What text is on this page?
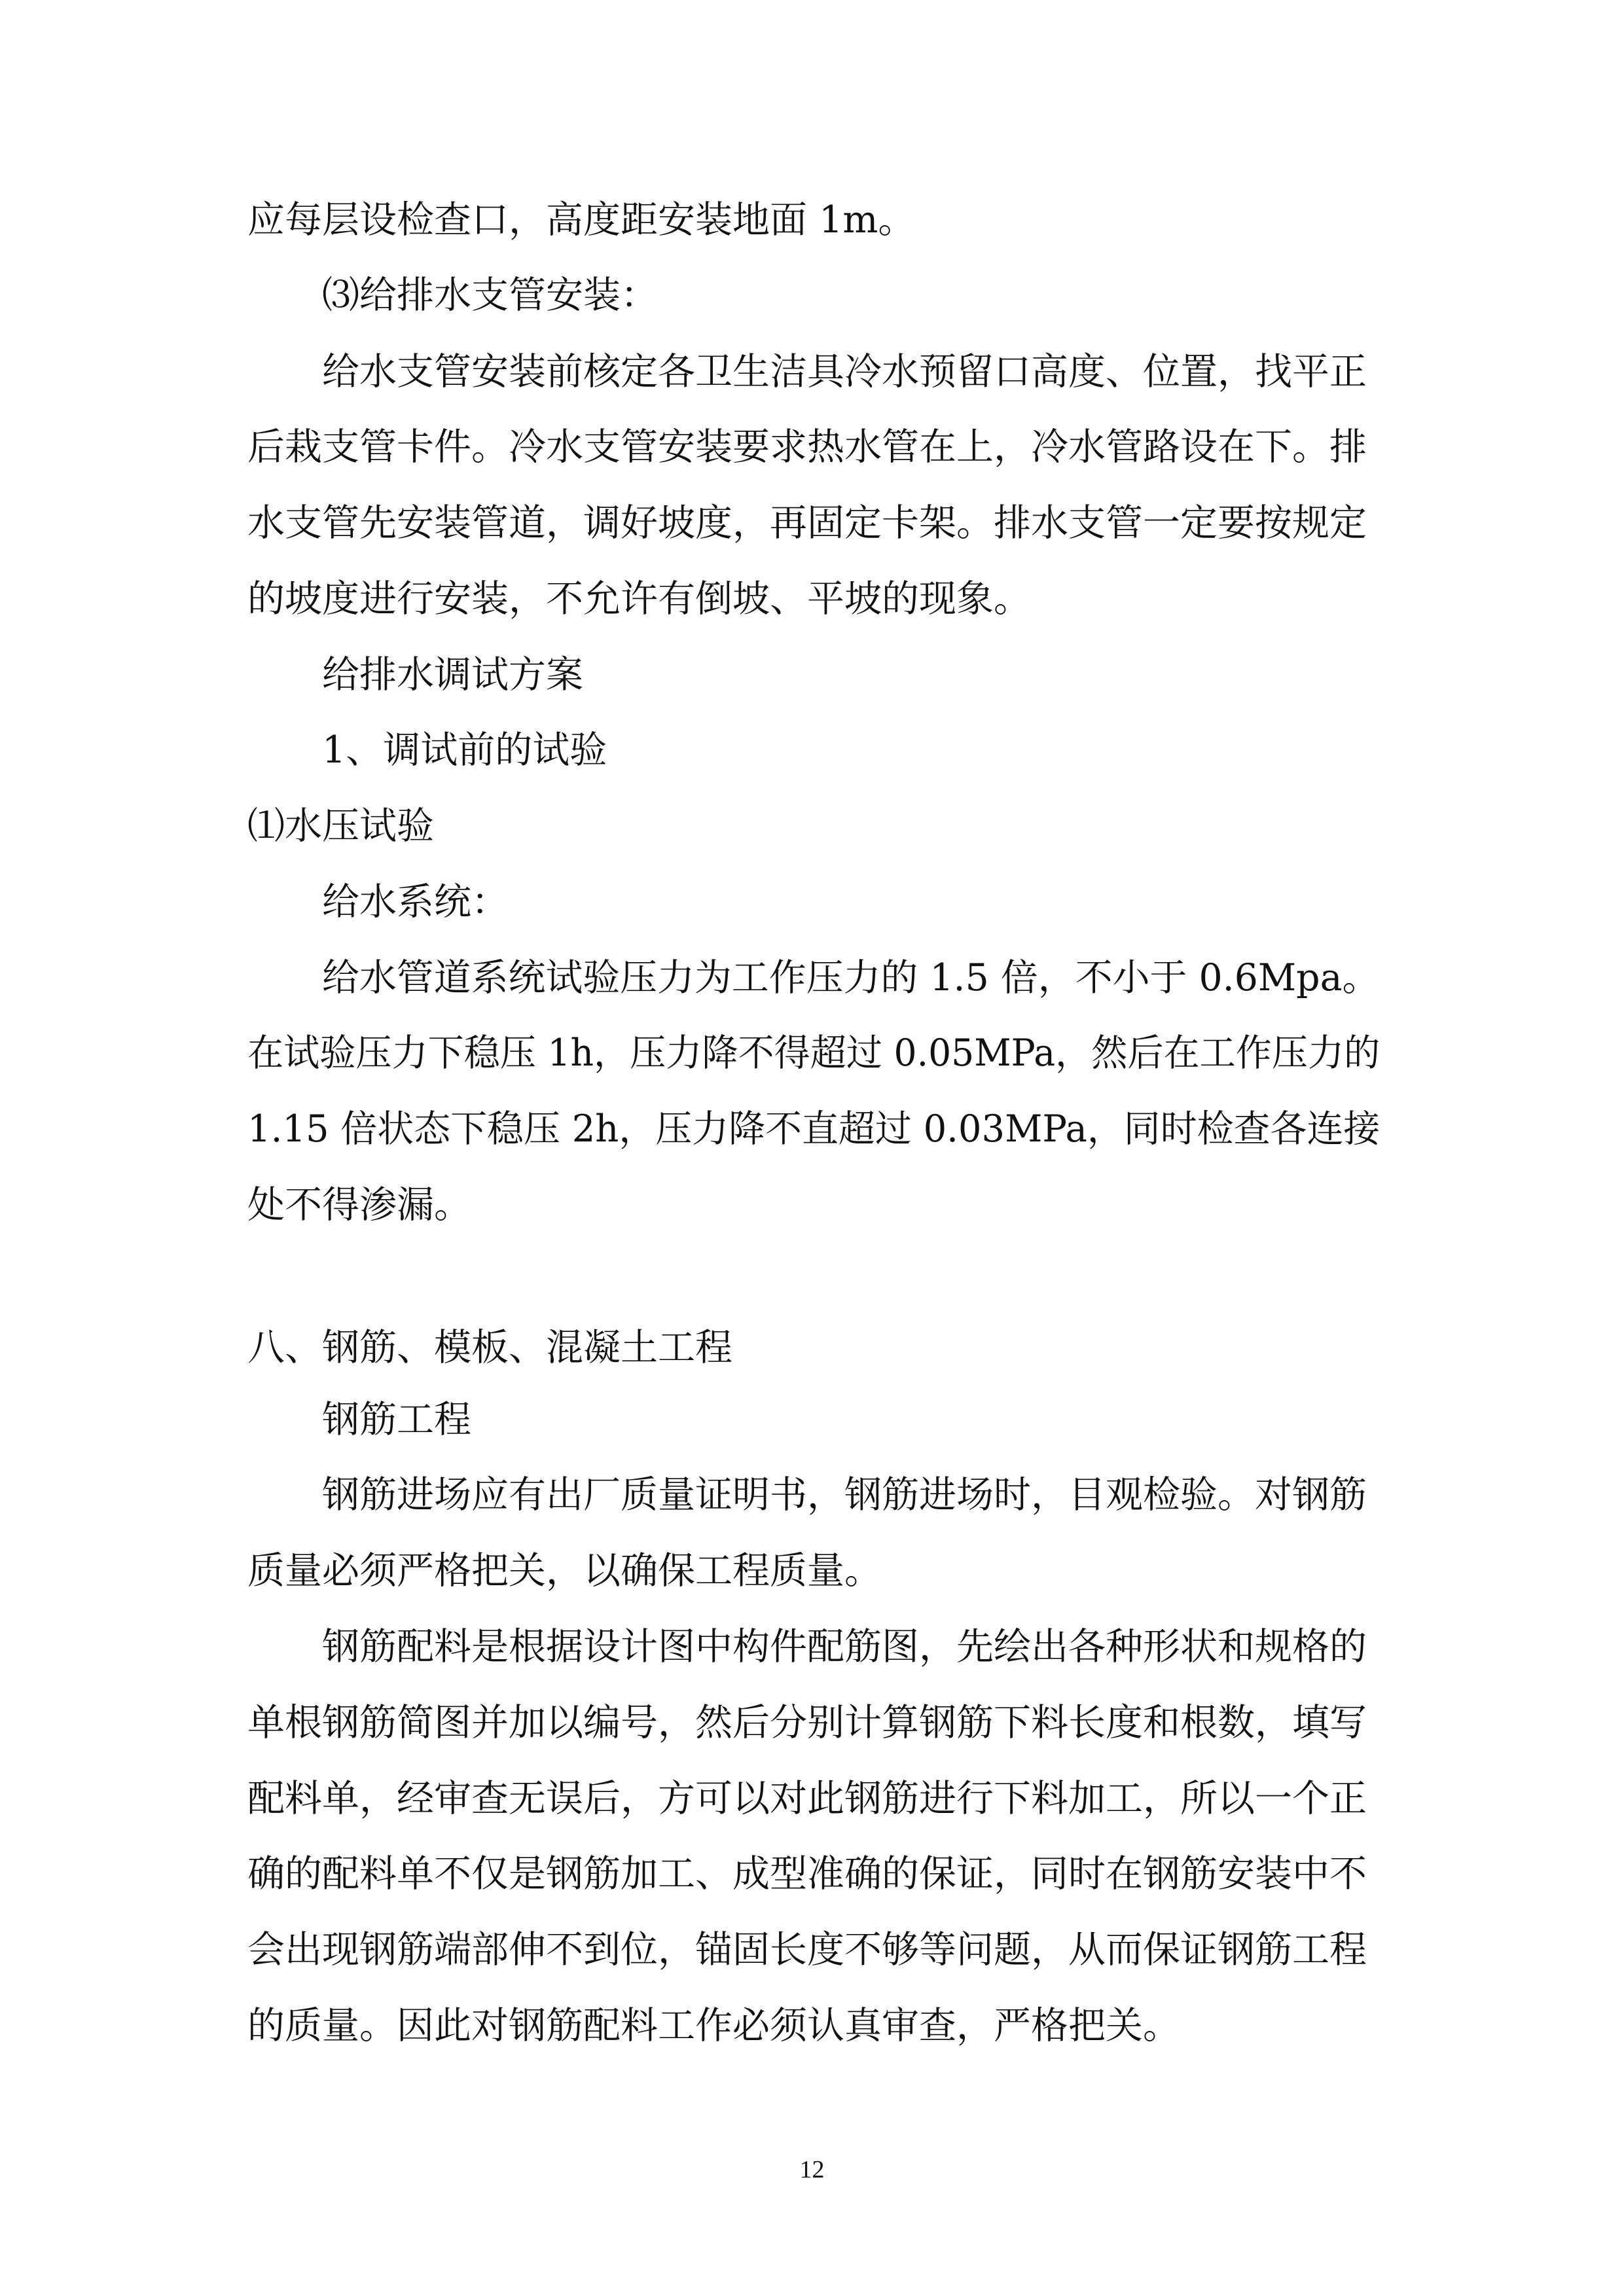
应每层设检查口，高度距安装地面 1m。
⑶给排水支管安装：
给水支管安装前核定各卫生洁具冷水预留口高度、位置，找平正
后栽支管卡件。冷水支管安装要求热水管在上，冷水管路设在下。排
水支管先安装管道，调好坡度，再固定卡架。排水支管一定要按规定
的坡度进行安装，不允许有倒坡、平坡的现象。
给排水调试方案
1、调试前的试验
⑴水压试验
给水系统：
给水管道系统试验压力为工作压力的 1.5 倍，不小于 0.6Mpa。
在试验压力下稳压 1h，压力降不得超过 0.05MPa，然后在工作压力的
1.15 倍状态下稳压 2h，压力降不直超过 0.03MPa，同时检查各连接
处不得渗漏。
八、钢筋、模板、混凝土工程
钢筋工程
钢筋进场应有出厂质量证明书，钢筋进场时，目观检验。对钢筋
质量必须严格把关，以确保工程质量。
钢筋配料是根据设计图中构件配筋图，先绘出各种形状和规格的
单根钢筋简图并加以编号，然后分别计算钢筋下料长度和根数，填写
配料单，经审查无误后，方可以对此钢筋进行下料加工，所以一个正
确的配料单不仅是钢筋加工、成型准确的保证，同时在钢筋安装中不
会出现钢筋端部伸不到位，锚固长度不够等问题，从而保证钢筋工程
的质量。因此对钢筋配料工作必须认真审查，严格把关。
12
